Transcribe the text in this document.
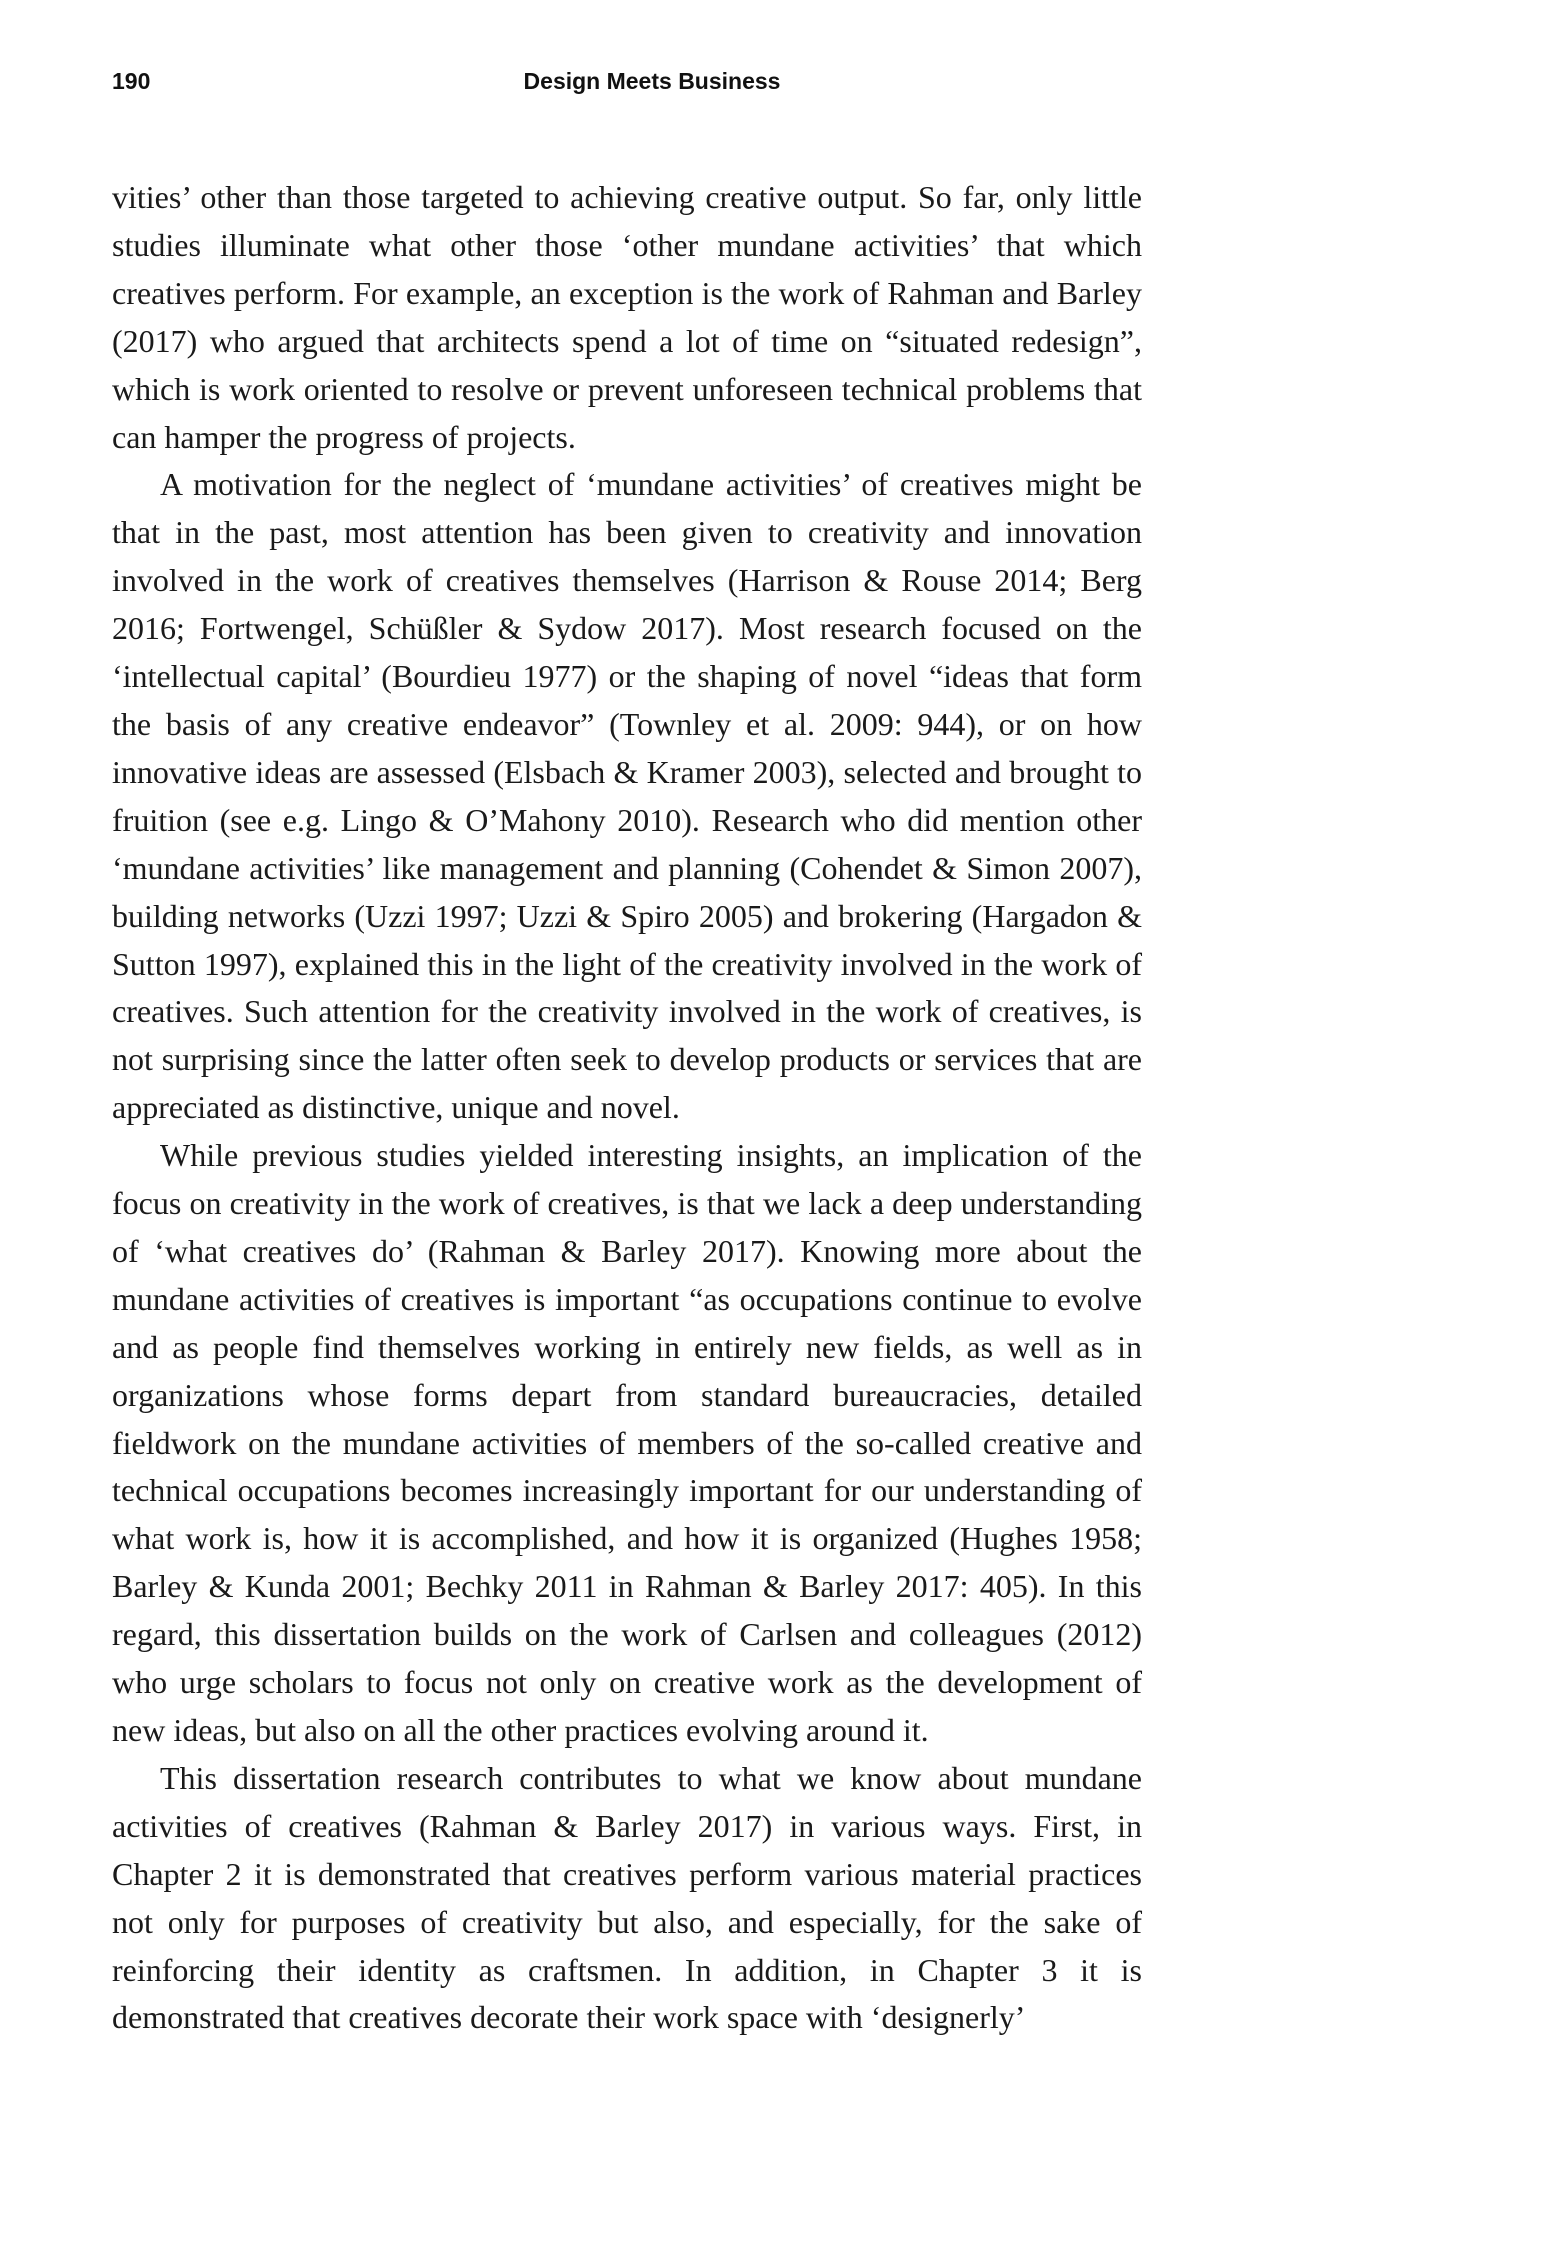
190	Design Meets Business

vities’ other than those targeted to achieving creative output. So far, only little studies illuminate what other those ‘other mundane activities’ that which creatives perform. For example, an exception is the work of Rahman and Barley (2017) who argued that architects spend a lot of time on “situated redesign”, which is work oriented to resolve or prevent unforeseen technical problems that can hamper the progress of projects.

A motivation for the neglect of ‘mundane activities’ of creatives might be that in the past, most attention has been given to creativity and innovation involved in the work of creatives themselves (Harrison & Rouse 2014; Berg 2016; Fortwengel, Schüßler & Sydow 2017). Most research focused on the ‘intellectual capital’ (Bourdieu 1977) or the shaping of novel “ideas that form the basis of any creative endeavor” (Townley et al. 2009: 944), or on how innovative ideas are assessed (Elsbach & Kramer 2003), selected and brought to fruition (see e.g. Lingo & O’Mahony 2010). Research who did mention other ‘mundane activities’ like management and planning (Cohendet & Simon 2007), building networks (Uzzi 1997; Uzzi & Spiro 2005) and brokering (Hargadon & Sutton 1997), explained this in the light of the creativity involved in the work of creatives. Such attention for the creativity involved in the work of creatives, is not surprising since the latter often seek to develop products or services that are appreciated as distinctive, unique and novel.

While previous studies yielded interesting insights, an implication of the focus on creativity in the work of creatives, is that we lack a deep understanding of ‘what creatives do’ (Rahman & Barley 2017). Knowing more about the mundane activities of creatives is important “as occupations continue to evolve and as people find themselves working in entirely new fields, as well as in organizations whose forms depart from standard bureaucracies, detailed fieldwork on the mundane activities of members of the so-called creative and technical occupations becomes increasingly important for our understanding of what work is, how it is accomplished, and how it is organized (Hughes 1958; Barley & Kunda 2001; Bechky 2011 in Rahman & Barley 2017: 405). In this regard, this dissertation builds on the work of Carlsen and colleagues (2012) who urge scholars to focus not only on creative work as the development of new ideas, but also on all the other practices evolving around it.

This dissertation research contributes to what we know about mundane activities of creatives (Rahman & Barley 2017) in various ways. First, in Chapter 2 it is demonstrated that creatives perform various material practices not only for purposes of creativity but also, and especially, for the sake of reinforcing their identity as craftsmen. In addition, in Chapter 3 it is demonstrated that creatives decorate their work space with ‘designerly’
